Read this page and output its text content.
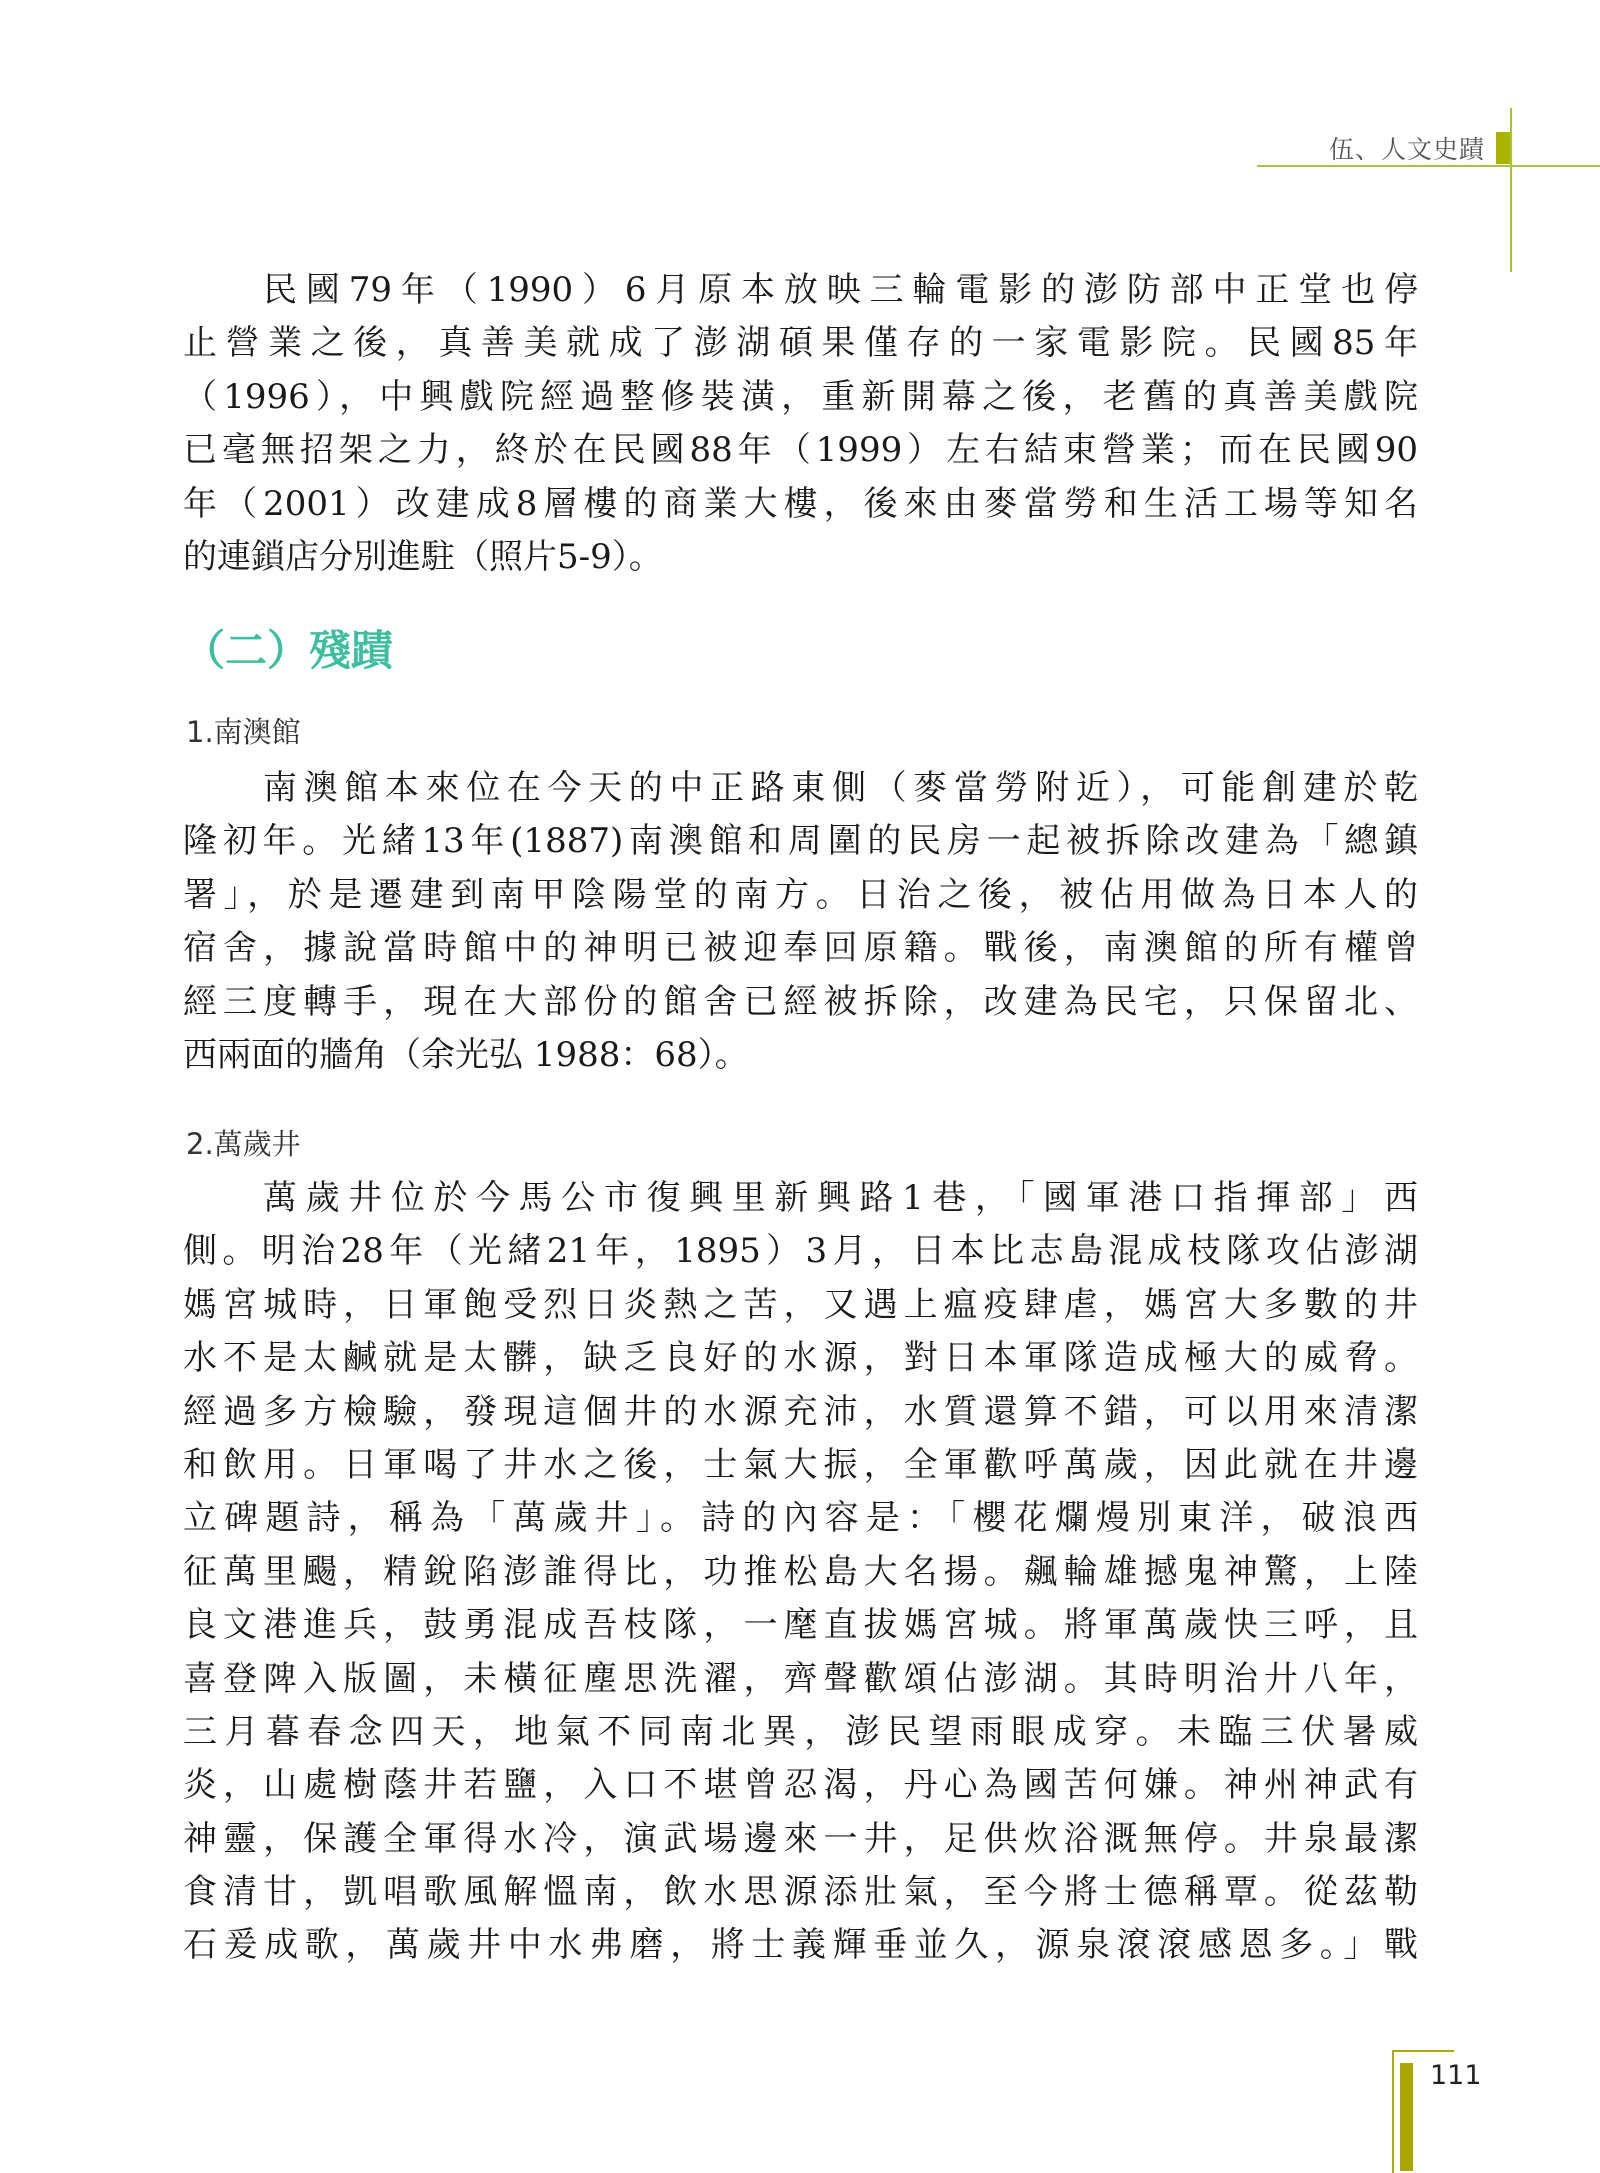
伍、人文史蹟
民國79年（1990）6月原本放映三輪電影的澎防部中正堂也停
止營業之後，真善美就成了澎湖碩果僅存的一家電影院。民國85年
（1996），中興戲院經過整修裝潢，重新開幕之後，老舊的真善美戲院
已毫無招架之力，終於在民國88年（1999）左右結束營業；而在民國90
年（2001）改建成8層樓的商業大樓，後來由麥當勞和生活工場等知名
的連鎖店分別進駐（照片5-9）。
（二）殘蹟
1.南澳館
南澳館本來位在今天的中正路東側（麥當勞附近），可能創建於乾
隆初年。光緒13年(1887)南澳館和周圍的民房一起被拆除改建為「總鎮
署」，於是遷建到南甲陰陽堂的南方。日治之後，被佔用做為日本人的
宿舍，據說當時館中的神明已被迎奉回原籍。戰後，南澳館的所有權曾
經三度轉手，現在大部份的館舍已經被拆除，改建為民宅，只保留北、
西兩面的牆角（余光弘 1988：68）。
2.萬歲井
萬歲井位於今馬公市復興里新興路1巷，「國軍港口指揮部」西
側。明治28年（光緒21年，1895）3月，日本比志島混成枝隊攻佔澎湖
媽宮城時，日軍飽受烈日炎熱之苦，又遇上瘟疫肆虐，媽宮大多數的井
水不是太鹹就是太髒，缺乏良好的水源，對日本軍隊造成極大的威脅。
經過多方檢驗，發現這個井的水源充沛，水質還算不錯，可以用來清潔
和飲用。日軍喝了井水之後，士氣大振，全軍歡呼萬歲，因此就在井邊
立碑題詩，稱為「萬歲井」。詩的內容是：「櫻花爛熳別東洋，破浪西
征萬里颺，精銳陷澎誰得比，功推松島大名揚。飆輪雄撼鬼神驚，上陸
良文港進兵，鼓勇混成吾枝隊，一麾直拔媽宮城。將軍萬歲快三呼，且
喜登陴入版圖，未橫征塵思洗濯，齊聲歡頌佔澎湖。其時明治廾八年，
三月暮春念四天，地氣不同南北異，澎民望雨眼成穿。未臨三伏暑威
炎，山處樹蔭井若鹽，入口不堪曾忍渴，丹心為國苦何嫌。神州神武有
神靈，保護全軍得水冷，演武場邊來一井，足供炊浴溉無停。井泉最潔
食清甘，凱唱歌風解慍南，飲水思源添壯氣，至今將士德稱覃。從茲勒
石爰成歌，萬歲井中水弗磨，將士義輝垂並久，源泉滾滾感恩多。」戰
111
